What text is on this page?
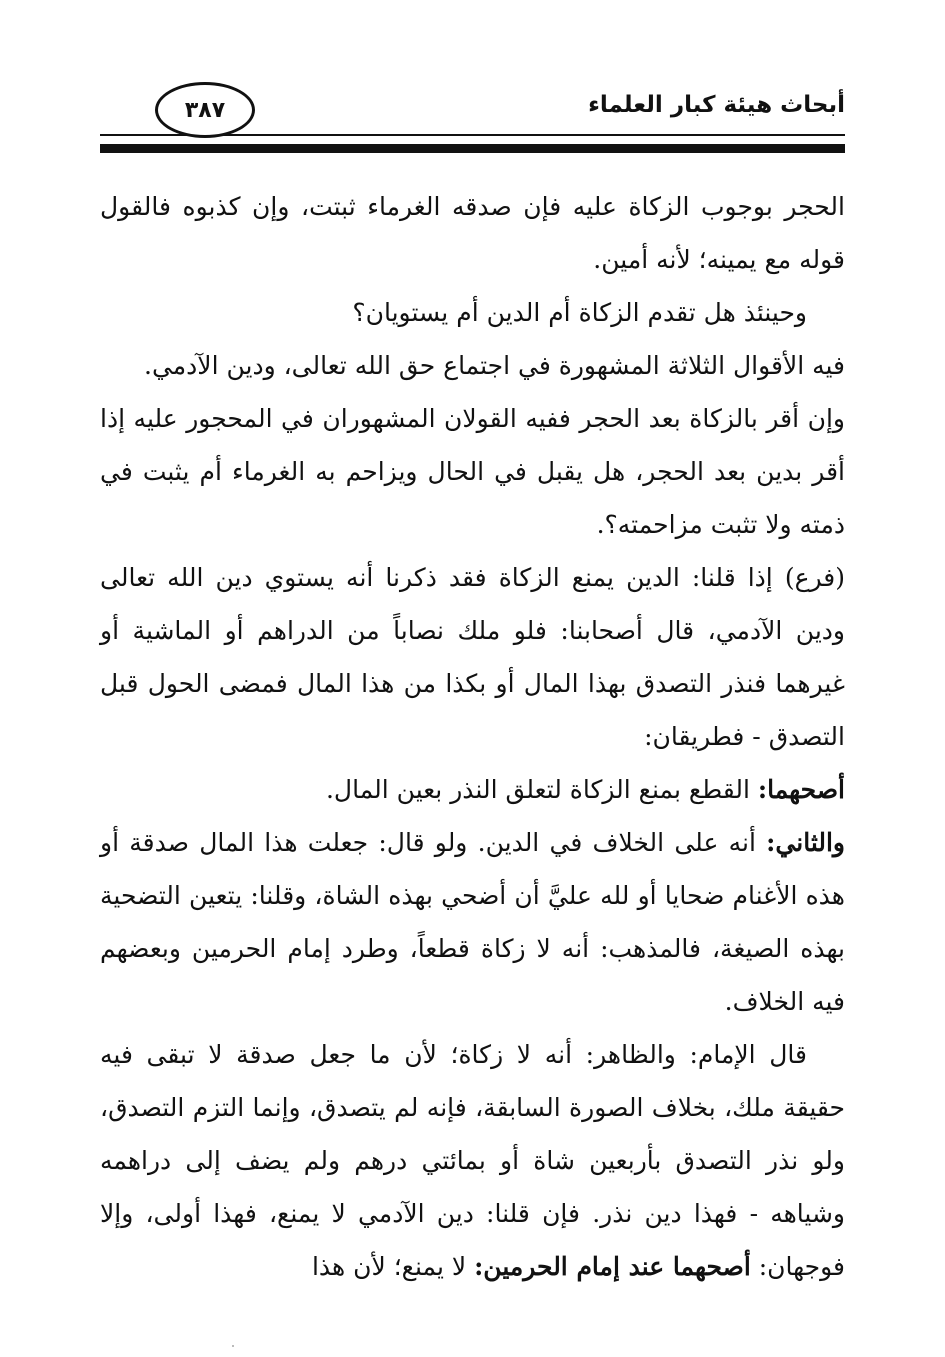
أبحاث هيئة كبار العلماء
٣٨٧

الحجر بوجوب الزكاة عليه فإن صدقه الغرماء ثبتت، وإن كذبوه فالقول قوله مع يمينه؛ لأنه أمين.

وحينئذ هل تقدم الزكاة أم الدين أم يستويان؟

فيه الأقوال الثلاثة المشهورة في اجتماع حق الله تعالى، ودين الآدمي.

وإن أقر بالزكاة بعد الحجر ففيه القولان المشهوران في المحجور عليه إذا أقر بدين بعد الحجر، هل يقبل في الحال ويزاحم به الغرماء أم يثبت في ذمته ولا تثبت مزاحمته؟.

(فرع) إذا قلنا: الدين يمنع الزكاة فقد ذكرنا أنه يستوي دين الله تعالى ودين الآدمي، قال أصحابنا: فلو ملك نصاباً من الدراهم أو الماشية أو غيرهما فنذر التصدق بهذا المال أو بكذا من هذا المال فمضى الحول قبل التصدق - فطريقان:

أصحهما: القطع بمنع الزكاة لتعلق النذر بعين المال.

والثاني: أنه على الخلاف في الدين. ولو قال: جعلت هذا المال صدقة أو هذه الأغنام ضحايا أو لله عليَّ أن أضحي بهذه الشاة، وقلنا: يتعين التضحية بهذه الصيغة، فالمذهب: أنه لا زكاة قطعاً، وطرد إمام الحرمين وبعضهم فيه الخلاف.

قال الإمام: والظاهر: أنه لا زكاة؛ لأن ما جعل صدقة لا تبقى فيه حقيقة ملك، بخلاف الصورة السابقة، فإنه لم يتصدق، وإنما التزم التصدق، ولو نذر التصدق بأربعين شاة أو بمائتي درهم ولم يضف إلى دراهمه وشياهه - فهذا دين نذر. فإن قلنا: دين الآدمي لا يمنع، فهذا أولى، وإلا فوجهان: أصحهما عند إمام الحرمين: لا يمنع؛ لأن هذا
